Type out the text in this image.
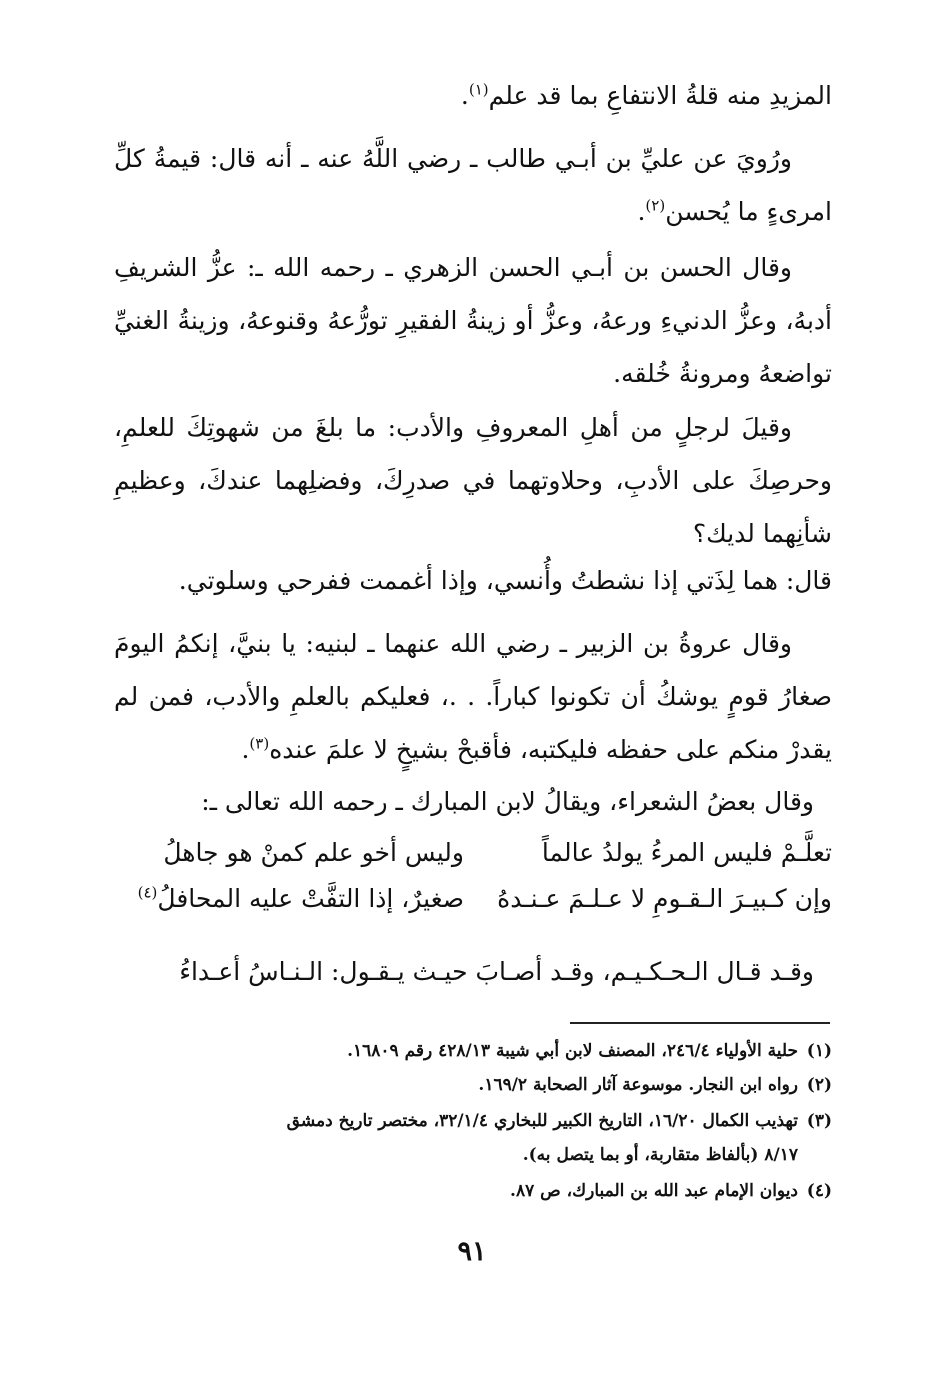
المزيدِ منه قلةُ الانتفاعِ بما قد علم$^{(١)}$.
ورُويَ عن عليِّ بن أبـي طالب ـ رضي اللَّهُ عنه ـ أنه قال: قيمةُ كلِّ امرىءٍ ما يُحسن$^{(٢)}$.
وقال الحسن بن أبـي الحسن الزهري ـ رحمه الله ـ: عزُّ الشريفِ أدبهُ، وعزُّ الدنيءِ ورعهُ، وعزُّ أو زينةُ الفقيرِ تورُّعهُ وقنوعهُ، وزينةُ الغنيِّ تواضعهُ ومرونةُ خُلقه.
وقيلَ لرجلٍ من أهلِ المعروفِ والأدب: ما بلغَ من شهوتِكَ للعلمِ، وحرصِكَ على الأدبِ، وحلاوتهما في صدرِكَ، وفضلِهما عندكَ، وعظيمِ شأنِهما لديك؟
قال: هما لِذَتي إذا نشطتُ وأُنسي، وإذا أغممت ففرحي وسلوتي.
وقال عروةُ بن الزبير ـ رضي الله عنهما ـ لبنيه: يا بنيَّ، إنكمُ اليومَ صغارُ قومٍ يوشكُ أن تكونوا كباراً. . .، فعليكم بالعلمِ والأدب، فمن لم يقدرْ منكم على حفظه فليكتبه، فأقبحْ بشيخٍ لا علمَ عنده$^{(٣)}$.
وقال بعضُ الشعراء، ويقالُ لابن المبارك ـ رحمه الله تعالى ـ:
تعلَّـمْ فليس المرءُ يولدُ عالماً
وليس أخو علم كمنْ هو جاهلُ
وإن كـبيـرَ الـقـومِ لا عـلـمَ عـنـدهُ
صغيرٌ، إذا التفَّتْ عليه المحافلُ$^{(٤)}$
وقـد قـال الـحـكـيـم، وقـد أصـابَ حيـث يـقـول: الـنـاسُ أعـداءُ
(١)حلية الأولياء ٢٤٦/٤، المصنف لابن أبي شيبة ٤٢٨/١٣ رقم ١٦٨٠٩.
(٢)رواه ابن النجار. موسوعة آثار الصحابة ١٦٩/٢.
(٣)تهذيب الكمال ١٦/٢٠، التاريخ الكبير للبخاري ٣٢/١/٤، مختصر تاريخ دمشق
٨/١٧ (بألفاظ متقاربة، أو بما يتصل به).
(٤)ديوان الإمام عبد الله بن المبارك، ص ٨٧.
٩١
